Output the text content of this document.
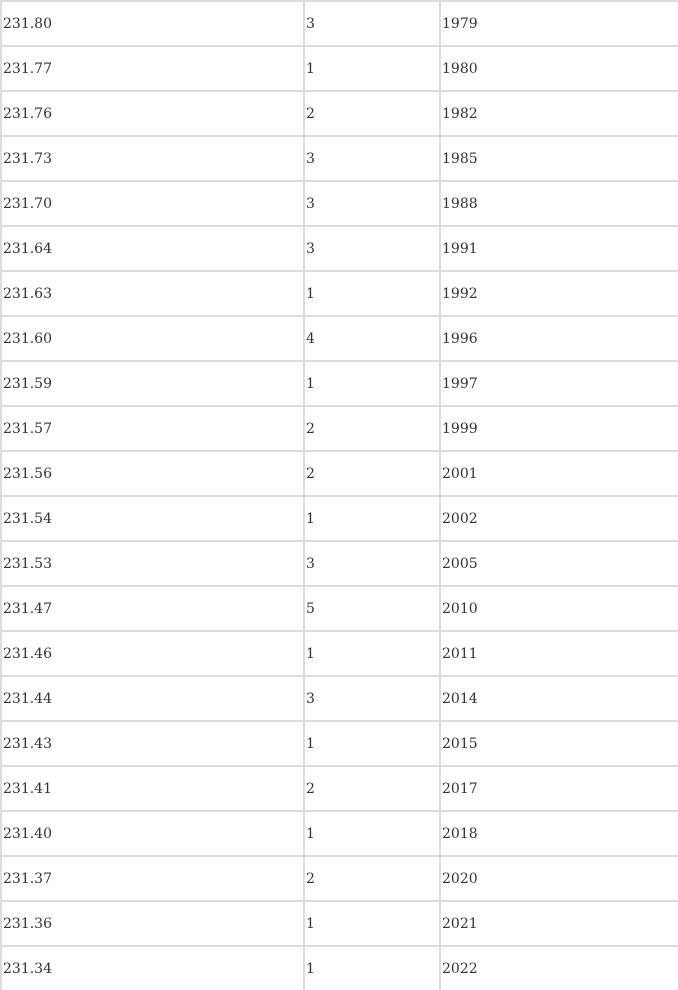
231.80	3	1979
231.77	1	1980
231.76	2	1982
231.73	3	1985
231.70	3	1988
231.64	3	1991
231.63	1	1992
231.60	4	1996
231.59	1	1997
231.57	2	1999
231.56	2	2001
231.54	1	2002
231.53	3	2005
231.47	5	2010
231.46	1	2011
231.44	3	2014
231.43	1	2015
231.41	2	2017
231.40	1	2018
231.37	2	2020
231.36	1	2021
231.34	1	2022
